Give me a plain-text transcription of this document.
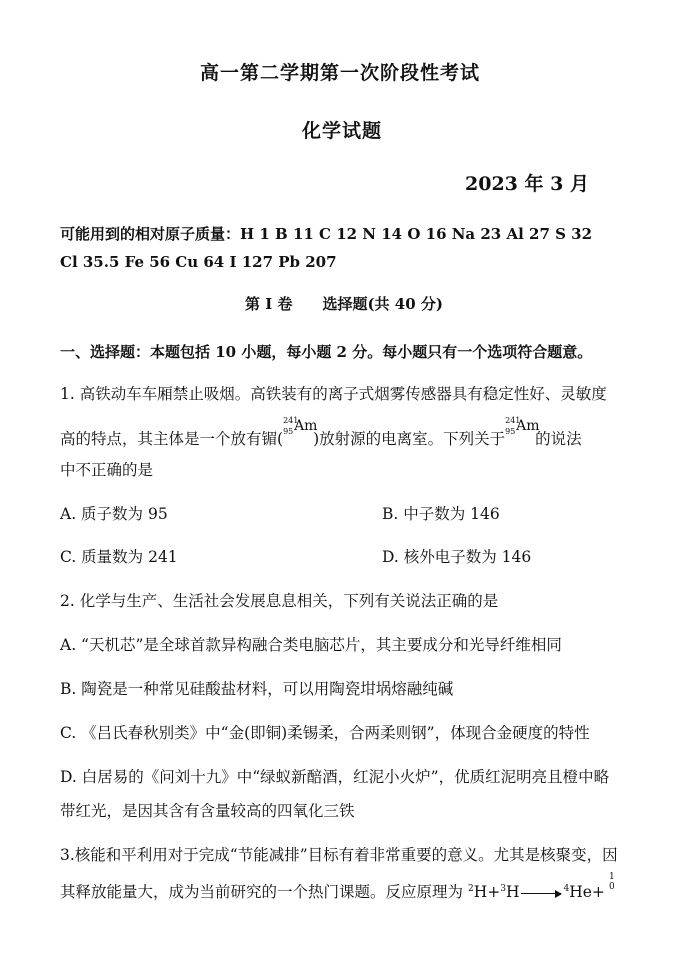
高一第二学期第一次阶段性考试
化学试题
2023 年 3 月
可能用到的相对原子质量：H 1 B 11 C 12 N 14 O 16 Na 23 Al 27 S 32
Cl 35.5 Fe 56 Cu 64 I 127 Pb 207
第 I 卷　　选择题(共 40 分)
一、选择题：本题包括 10 小题，每小题 2 分。每小题只有一个选项符合题意。
1. 高铁动车车厢禁止吸烟。高铁装有的离子式烟雾传感器具有稳定性好、灵敏度
高的特点，其主体是一个放有镅(
241
95 Am
)放射源的电离室。下列关于
241
95 Am
的说法
中不正确的是
A. 质子数为 95	B. 中子数为 146
C. 质量数为 241	D. 核外电子数为 146
2. 化学与生产、生活社会发展息息相关，下列有关说法正确的是
A. “天机芯”是全球首款异构融合类电脑芯片，其主要成分和光导纤维相同
B. 陶瓷是一种常见硅酸盐材料，可以用陶瓷坩埚熔融纯碱
C. 《吕氏春秋别类》中“金(即铜)柔锡柔，合两柔则钢”，体现合金硬度的特性
D. 白居易的《问刘十九》中“绿蚁新醅酒，红泥小火炉”，优质红泥明亮且橙中略
带红光，是因其含有含量较高的四氧化三铁
3.核能和平利用对于完成“节能减排”目标有着非常重要的意义。尤其是核聚变，因
其释放能量大，成为当前研究的一个热门课题。反应原理为 $^2$H+$^3$H → $^4$He+
1
0
